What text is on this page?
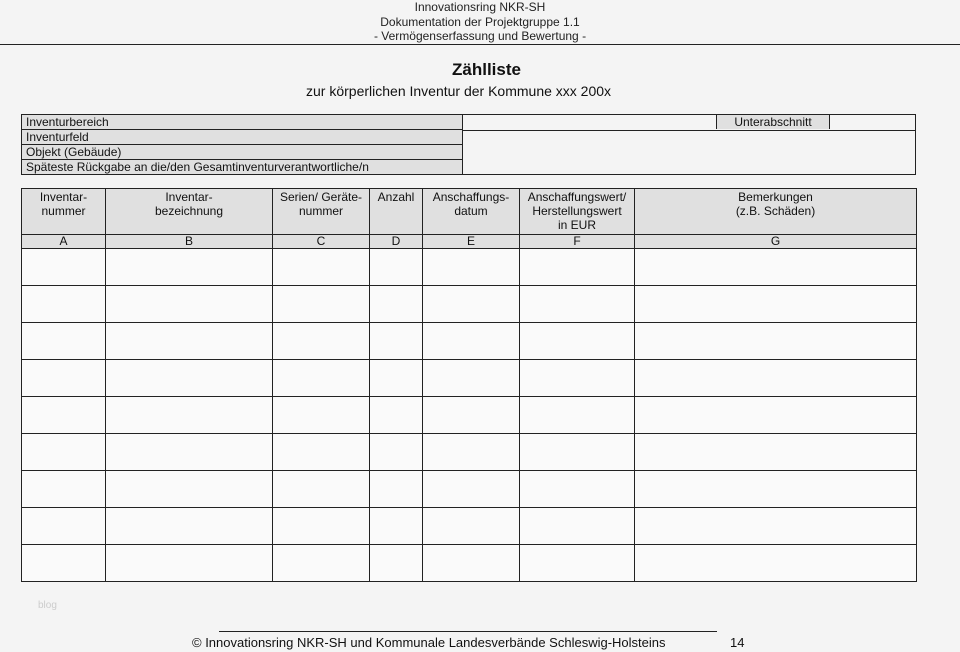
Innovationsring NKR-SH
Dokumentation der Projektgruppe 1.1
- Vermögenserfassung und Bewertung -
Zählliste
zur körperlichen Inventur der Kommune xxx 200x
Inventurbereich
Inventurfeld
Objekt (Gebäude)
Späteste Rückgabe an die/den Gesamtinventurverantwortliche/n
Unterabschnitt
Inventar-
nummer	Inventar-
bezeichnung	Serien/ Geräte-
nummer	Anzahl	Anschaffungs-
datum	Anschaffungswert/
Herstellungswert
in EUR	Bemerkungen
(z.B. Schäden)
A	B	C	D	E	F	G

blog
© Innovationsring NKR-SH und Kommunale Landesverbände Schleswig-Holsteins	14
